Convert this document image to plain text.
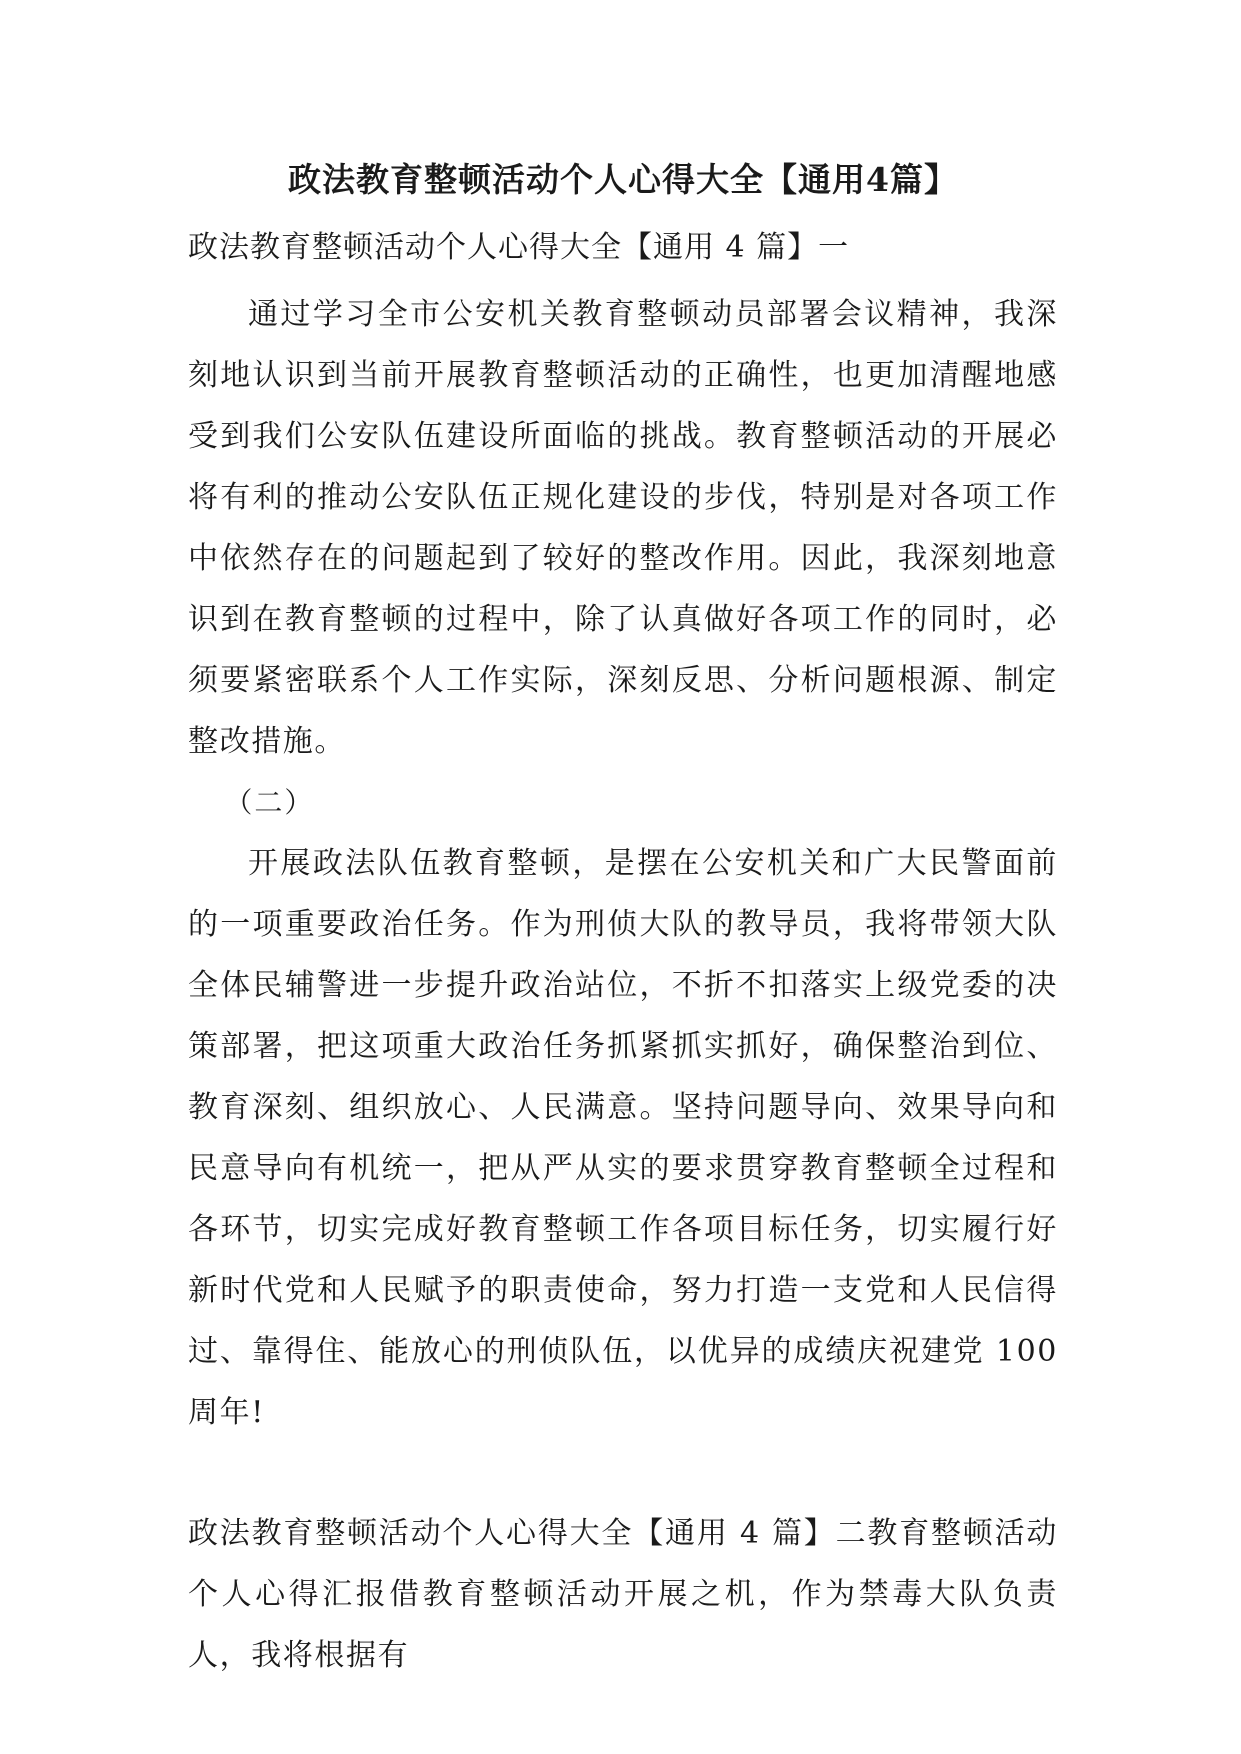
政法教育整顿活动个人心得大全【通用4篇】

政法教育整顿活动个人心得大全【通用 4 篇】一

通过学习全市公安机关教育整顿动员部署会议精神，我深刻地认识到当前开展教育整顿活动的正确性，也更加清醒地感受到我们公安队伍建设所面临的挑战。教育整顿活动的开展必将有利的推动公安队伍正规化建设的步伐，特别是对各项工作中依然存在的问题起到了较好的整改作用。因此，我深刻地意识到在教育整顿的过程中，除了认真做好各项工作的同时，必须要紧密联系个人工作实际，深刻反思、分析问题根源、制定整改措施。

（二）

开展政法队伍教育整顿，是摆在公安机关和广大民警面前的一项重要政治任务。作为刑侦大队的教导员，我将带领大队全体民辅警进一步提升政治站位，不折不扣落实上级党委的决策部署，把这项重大政治任务抓紧抓实抓好，确保整治到位、教育深刻、组织放心、人民满意。坚持问题导向、效果导向和民意导向有机统一，把从严从实的要求贯穿教育整顿全过程和各环节，切实完成好教育整顿工作各项目标任务，切实履行好新时代党和人民赋予的职责使命，努力打造一支党和人民信得过、靠得住、能放心的刑侦队伍，以优异的成绩庆祝建党 100 周年!

政法教育整顿活动个人心得大全【通用 4 篇】二教育整顿活动个人心得汇报借教育整顿活动开展之机，作为禁毒大队负责人，我将根据有
